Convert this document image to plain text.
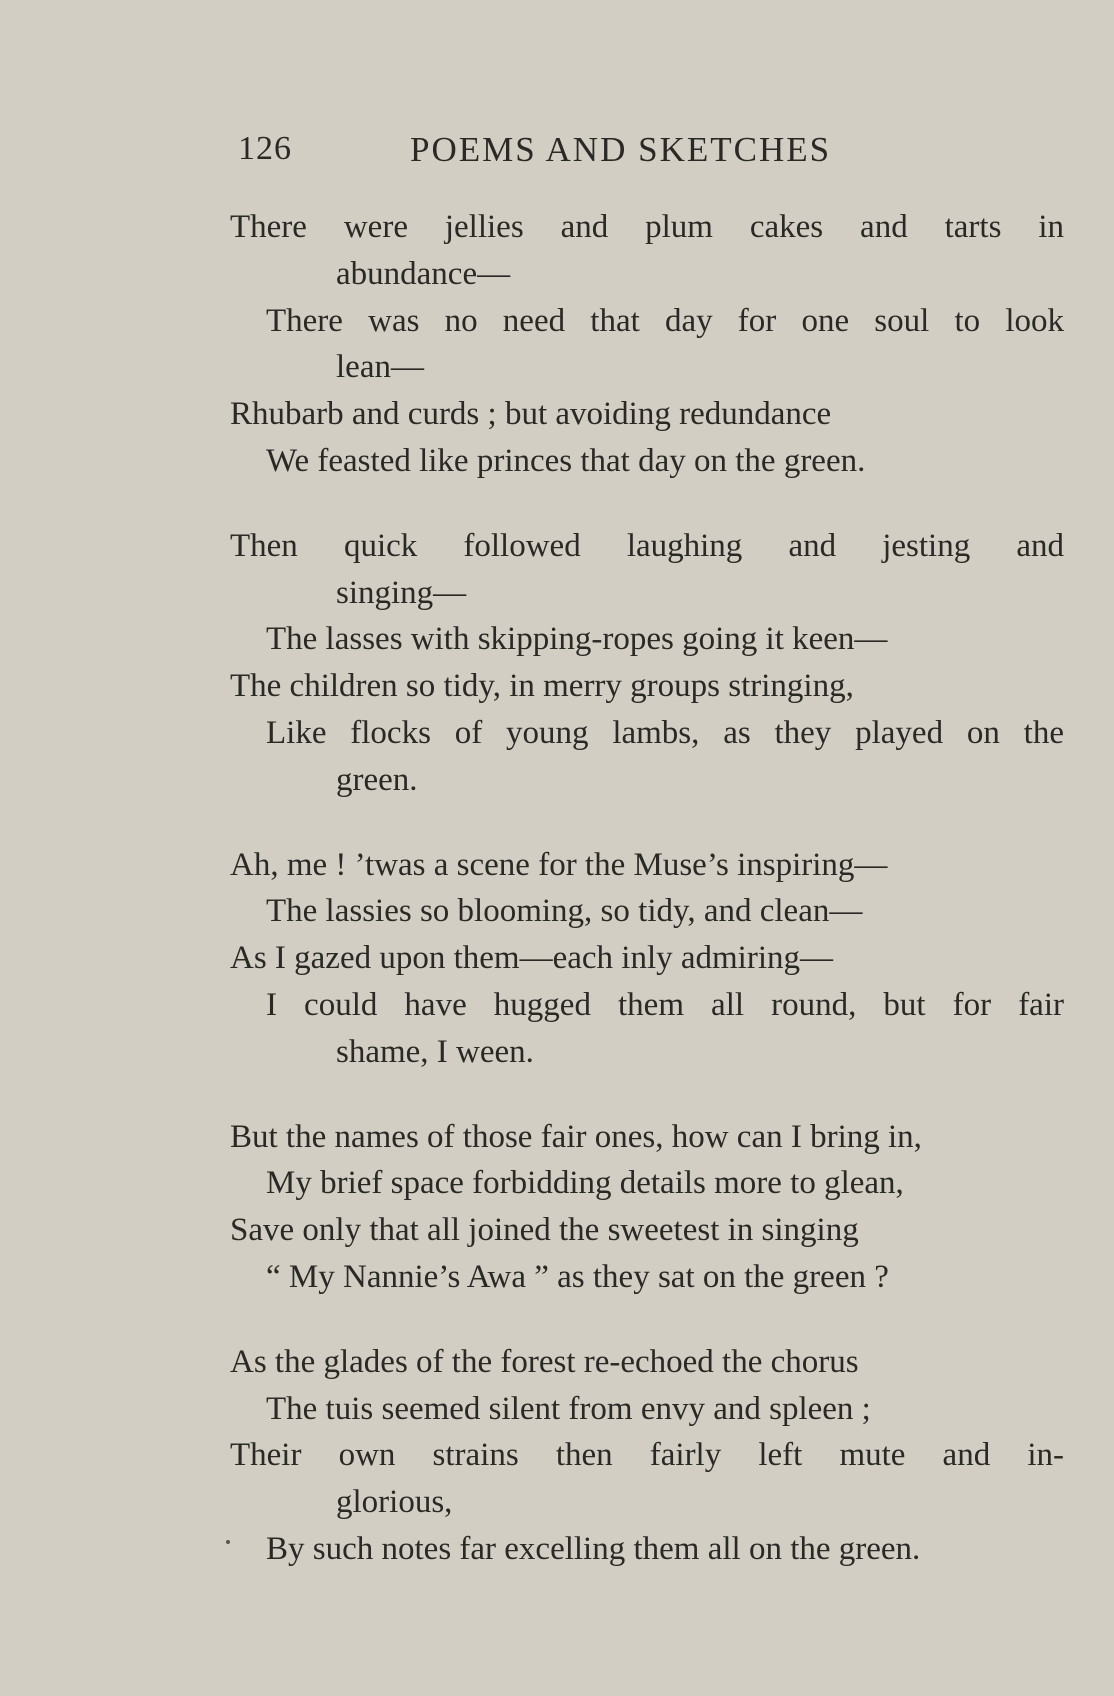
126	POEMS AND SKETCHES
There were jellies and plum cakes and tarts in
abundance—
There was no need that day for one soul to look
lean—
Rhubarb and curds ; but avoiding redundance
We feasted like princes that day on the green.
Then quick followed laughing and jesting and
singing—
The lasses with skipping-ropes going it keen—
The children so tidy, in merry groups stringing,
Like flocks of young lambs, as they played on the
green.
Ah, me ! ’twas a scene for the Muse’s inspiring—
The lassies so blooming, so tidy, and clean—
As I gazed upon them—each inly admiring—
I could have hugged them all round, but for fair
shame, I ween.
But the names of those fair ones, how can I bring in,
My brief space forbidding details more to glean,
Save only that all joined the sweetest in singing
“ My Nannie’s Awa ” as they sat on the green ?
As the glades of the forest re-echoed the chorus
The tuis seemed silent from envy and spleen ;
Their own strains then fairly left mute and in-
glorious,
By such notes far excelling them all on the green.
